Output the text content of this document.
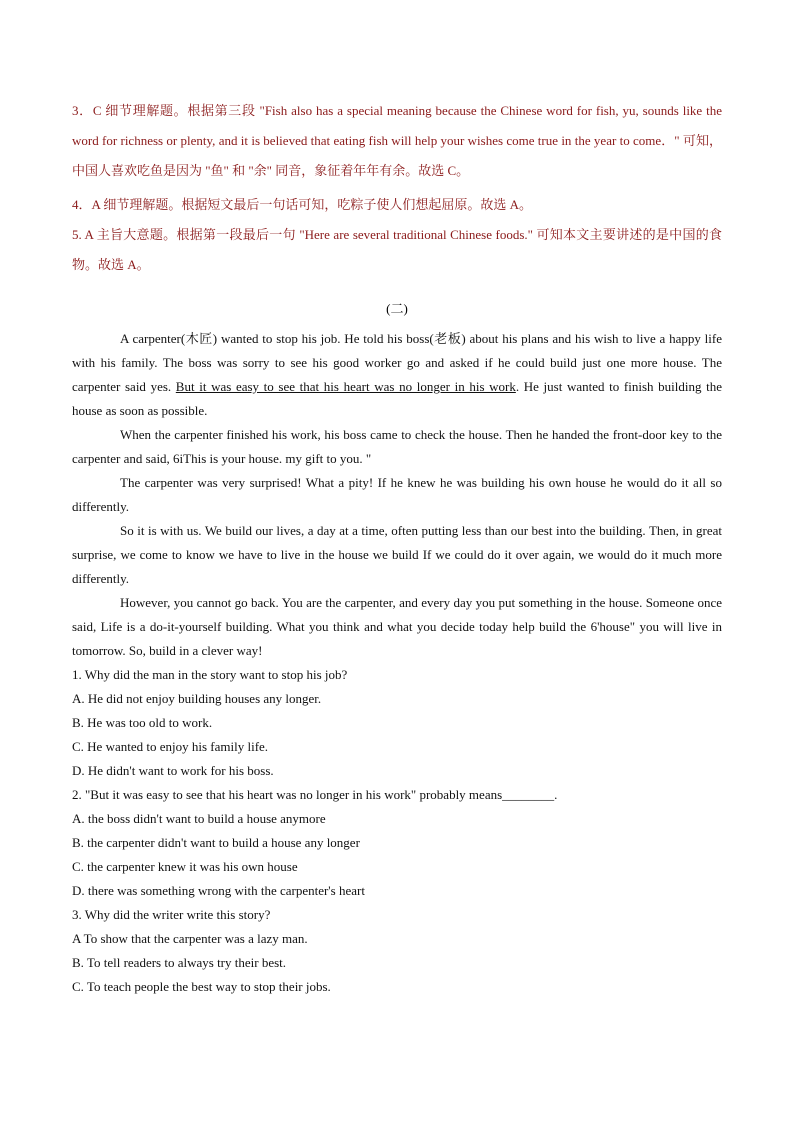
3．C 细节理解题。根据第三段 "Fish also has a special meaning because the Chinese word for fish, yu, sounds like the word for richness or plenty, and it is believed that eating fish will help your wishes come true in the year to come．" 可知，中国人喜欢吃鱼是因为 "鱼" 和 "余" 同音，象征着年年有余。故选 C。

4．A 细节理解题。根据短文最后一句话可知，吃粽子使人们想起屈原。故选 A。

5. A 主旨大意题。根据第一段最后一句 "Here are several traditional Chinese foods." 可知本文主要讲述的是中国的食物。故选 A。

(二)

A carpenter(木匠) wanted to stop his job. He told his boss(老板) about his plans and his wish to live a happy life with his family. The boss was sorry to see his good worker go and asked if he could build just one more house. The carpenter said yes. But it was easy to see that his heart was no longer in his work. He just wanted to finish building the house as soon as possible.

When the carpenter finished his work, his boss came to check the house. Then he handed the front-door key to the carpenter and said, 6iThis is your house. my gift to you. "

The carpenter was very surprised! What a pity! If he knew he was building his own house he would do it all so differently.

So it is with us. We build our lives, a day at a time, often putting less than our best into the building. Then, in great surprise, we come to know we have to live in the house we build If we could do it over again, we would do it much more differently.

However, you cannot go back. You are the carpenter, and every day you put something in the house. Someone once said, Life is a do-it-yourself building. What you think and what you decide today help build the 6'house" you will live in tomorrow. So, build in a clever way!

1. Why did the man in the story want to stop his job?

A. He did not enjoy building houses any longer.

B. He was too old to work.

C. He wanted to enjoy his family life.

D. He didn't want to work for his boss.

2. "But it was easy to see that his heart was no longer in his work" probably means________.

A. the boss didn't want to build a house anymore

B. the carpenter didn't want to build a house any longer

C. the carpenter knew it was his own house

D. there was something wrong with the carpenter's heart

3. Why did the writer write this story?

A To show that the carpenter was a lazy man.

B. To tell readers to always try their best.

C. To teach people the best way to stop their jobs.
